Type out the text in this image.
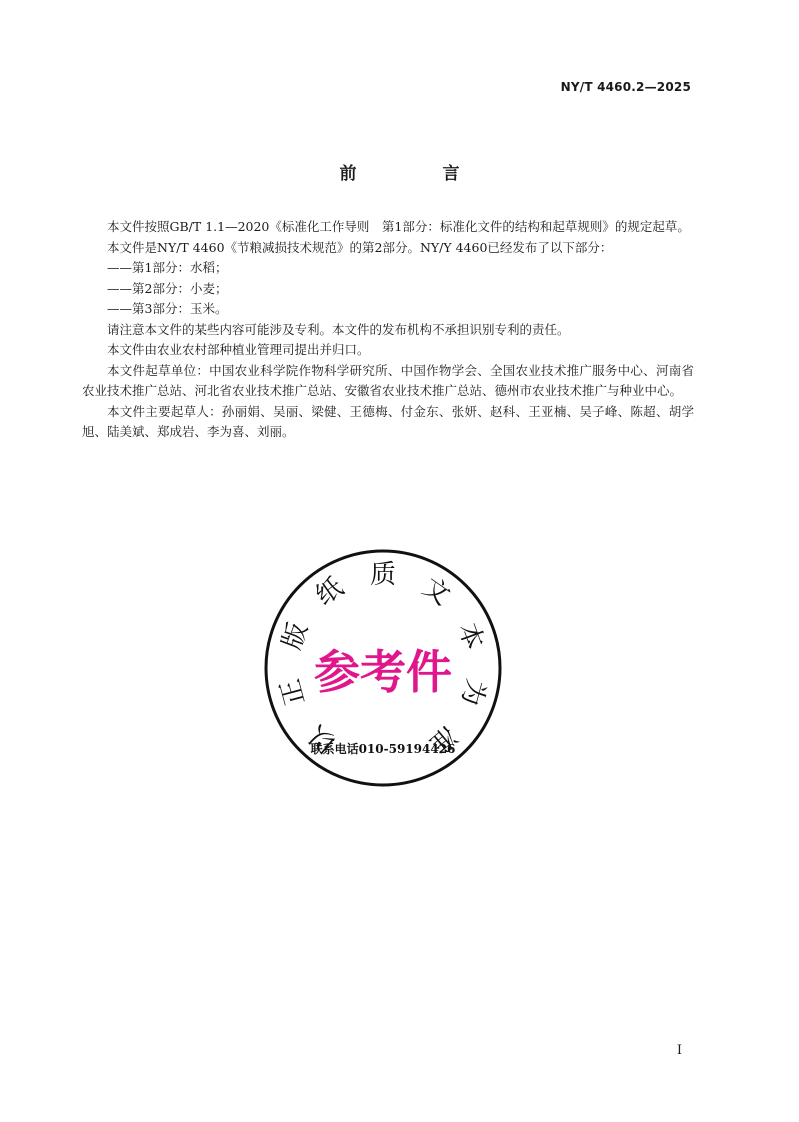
NY/T 4460.2—2025
前 言

本文件按照GB/T 1.1—2020《标准化工作导则　第1部分：标准化文件的结构和起草规则》的规定起草。

本文件是NY/T 4460《节粮减损技术规范》的第2部分。NY/Y 4460已经发布了以下部分：

——第1部分：水稻；

——第2部分：小麦；

——第3部分：玉米。

请注意本文件的某些内容可能涉及专利。本文件的发布机构不承担识别专利的责任。

本文件由农业农村部种植业管理司提出并归口。

本文件起草单位：中国农业科学院作物科学研究所、中国作物学会、全国农业技术推广服务中心、河南省农业技术推广总站、河北省农业技术推广总站、安徽省农业技术推广总站、德州市农业技术推广与种业中心。

本文件主要起草人：孙丽娟、吴丽、梁健、王德梅、付金东、张妍、赵科、王亚楠、吴子峰、陈超、胡学旭、陆美斌、郑成岩、李为喜、刘丽。

以
正
版
纸 质 文
本
为
准
参考件
联系电话010-59194426
I
